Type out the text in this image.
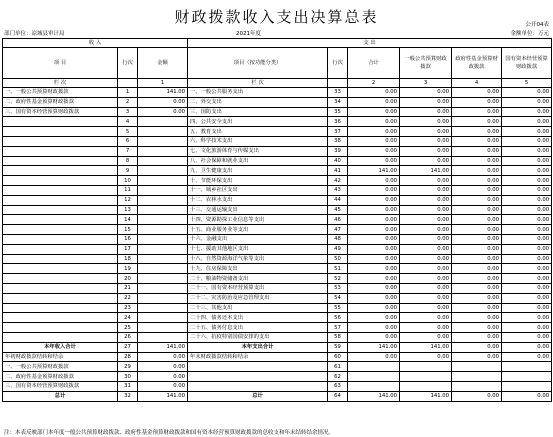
财政拨款收入支出决算总表	公开04表
部门单位：凉城县审计局	2021年度	金额单位：万元
收 入			支 出					
项 目	行次	金额	项目（按功能分类）	行次	合计	一般公共预算财政拨款	政府性基金预算财政拨款	国有资本经营预算财政拨款
栏 次		1	栏 次		2	3	4	5
一、一般公共预算财政拨款	1	141.00	一、一般公共服务支出	33	0.00	0.00	0.00	0.00
二、政府性基金预算财政拨款	2	0.00	二、外交支出	34	0.00	0.00	0.00	0.00
三、国有资本经营预算财政拨款	3	0.00	三、国防支出	35	0.00	0.00	0.00	0.00
	4		四、公共安全支出	36	0.00	0.00	0.00	0.00
	5		五、教育支出	37	0.00	0.00	0.00	0.00
	6		六、科学技术支出	38	0.00	0.00	0.00	0.00
	7		七、文化旅游体育与传媒支出	39	0.00	0.00	0.00	0.00
	8		八、社会保障和就业支出	40	0.00	0.00	0.00	0.00
	9		九、卫生健康支出	41	141.00	141.00	0.00	0.00
	10		十、节能环保支出	42	0.00	0.00	0.00	0.00
	11		十一、城乡社区支出	43	0.00	0.00	0.00	0.00
	12		十二、农林水支出	44	0.00	0.00	0.00	0.00
	13		十三、交通运输支出	45	0.00	0.00	0.00	0.00
	14		十四、资源勘探工业信息等支出	46	0.00	0.00	0.00	0.00
	15		十五、商业服务业等支出	47	0.00	0.00	0.00	0.00
	16		十六、金融支出	48	0.00	0.00	0.00	0.00
	17		十七、援助其他地区支出	49	0.00	0.00	0.00	0.00
	18		十八、自然资源海洋气象等支出	50	0.00	0.00	0.00	0.00
	19		十九、住房保障支出	51	0.00	0.00	0.00	0.00
	20		二十、粮油物资储备支出	52	0.00	0.00	0.00	0.00
	21		二十一、国有资本经营预算支出	53	0.00	0.00	0.00	0.00
	22		二十二、灾害防治及应急管理支出	54	0.00	0.00	0.00	0.00
	23		二十三、其他支出	55	0.00	0.00	0.00	0.00
	24		二十四、债务还本支出	56	0.00	0.00	0.00	0.00
	25		二十五、债务付息支出	57	0.00	0.00	0.00	0.00
	26		二十六、抗疫特别国债安排的支出	58	0.00	0.00	0.00	0.00
本年收入合计	27	141.00	本年支出合计	59	141.00	141.00	0.00	0.00
年初财政拨款结转和结余	28	0.00	年末财政拨款结转和结余	60	0.00	0.00	0.00	0.00
一、一般公共预算财政拨款	29	0.00		61				
二、政府性基金预算财政拨款	30	0.00		62				
三、国有资本经营预算财政拨款	31	0.00		63				
总计	32	141.00	总计	64	141.00	141.00	0.00	0.00
注：本表反映部门本年度一般公共预算财政拨款、政府性基金预算财政拨款和国有资本经营预算财政拨款的总收支和年末结转结余情况。
